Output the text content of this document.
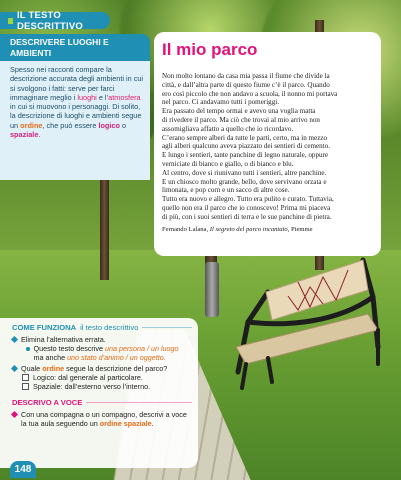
IL TESTO DESCRITTIVO
DESCRIVERE LUOGHI E AMBIENTI
Spesso nei racconti compare la descrizione accurata degli ambienti in cui si svolgono i fatti: serve per farci immaginare meglio i luoghi e l’atmosfera in cui si muovono i personaggi. Di solito, la descrizione di luoghi e ambienti segue un ordine, che può essere logico o spaziale.
Il mio parco

Non molto lontano da casa mia passa il fiume che divide la

città, e dall’altra parte di questo fiume c’è il parco. Quando

ero così piccolo che non andavo a scuola, il nonno mi portava

nel parco. Ci andavamo tutti i pomeriggi.

Era passato del tempo ormai e avevo una voglia matta

di rivedere il parco. Ma ciò che trovai al mio arrivo non

assomigliava affatto a quello che io ricordavo.

C’erano sempre alberi da tutte le parti, certo, ma in mezzo

agli alberi qualcuno aveva piazzato dei sentieri di cemento.

E lungo i sentieri, tante panchine di legno naturale, oppure

verniciate di bianco e giallo, o di bianco e blu.

Al centro, dove si riunivano tutti i sentieri, altre panchine.

E un chiosco molto grande, bello, dove servivano orzata e

limonata, e pop corn e un sacco di altre cose.

Tutto era nuovo e allegro. Tutto era pulito e curato. Tuttavia,

quello non era il parco che io conoscevo! Prima mi piaceva

di più, con i suoi sentieri di terra e le sue panchine di pietra.

Fernando Lalana, Il segreto del parco incantato, Piemme
COME FUNZIONA il testo descrittivo
Elimina l’alternativa errata.
Questo testo descrive una persona / un luogo
ma anche uno stato d’animo / un oggetto.
Quale ordine segue la descrizione del parco?
Logico: dal generale al particolare.
Spaziale: dall’esterno verso l’interno.
DESCRIVO A VOCE
Con una compagna o un compagno, descrivi a voce la tua aula seguendo un ordine spaziale.
148
